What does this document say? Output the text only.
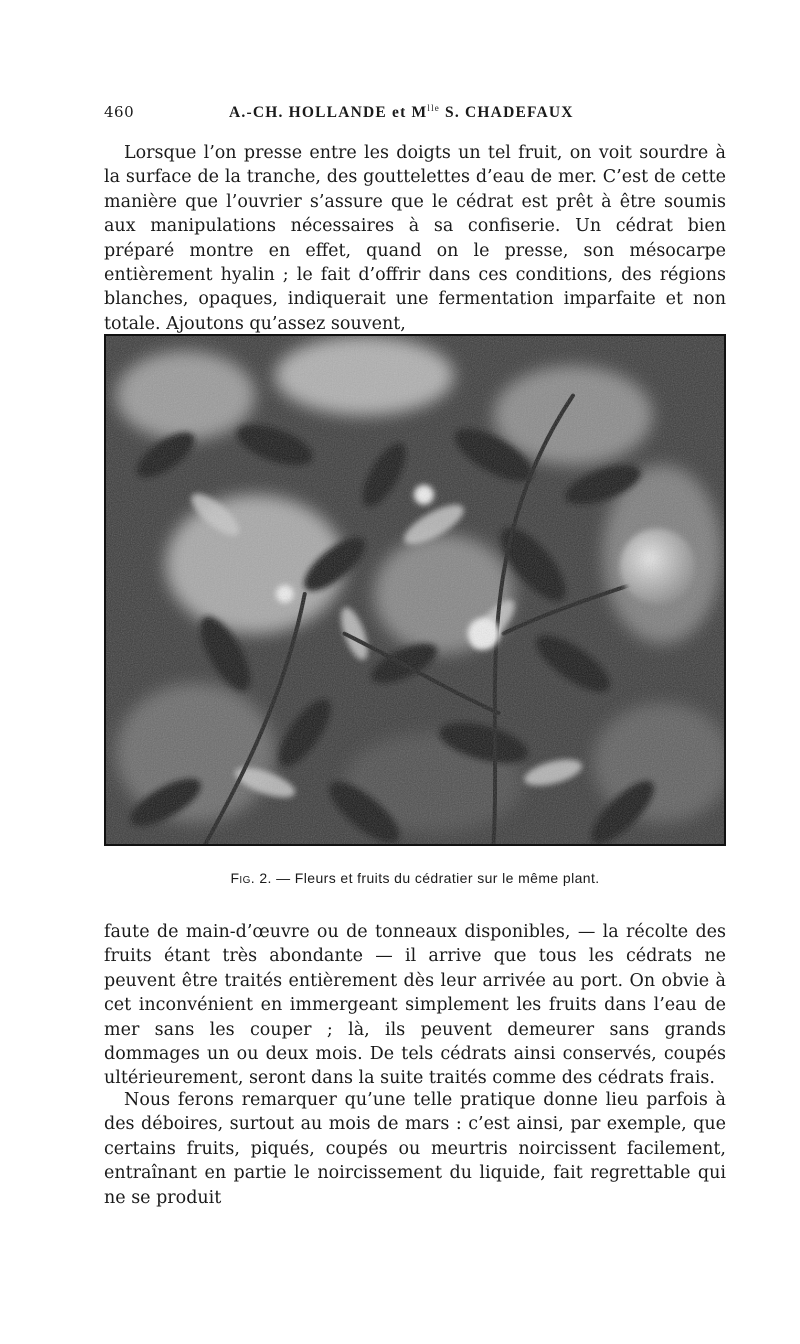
460	A.-CH. HOLLANDE et $M^{lle}$ S. CHADEFAUX

Lorsque l’on presse entre les doigts un tel fruit, on voit sourdre à la surface de la tranche, des gouttelettes d’eau de mer. C’est de cette manière que l’ouvrier s’assure que le cédrat est prêt à être soumis aux manipulations nécessaires à sa confiserie. Un cédrat bien préparé montre en effet, quand on le presse, son mésocarpe entièrement hyalin ; le fait d’offrir dans ces conditions, des régions blanches, opaques, indiquerait une fermentation imparfaite et non totale. Ajoutons qu’assez souvent,

Fig. 2. — Fleurs et fruits du cédratier sur le même plant.

faute de main-d’œuvre ou de tonneaux disponibles, — la récolte des fruits étant très abondante — il arrive que tous les cédrats ne peuvent être traités entièrement dès leur arrivée au port. On obvie à cet inconvénient en immergeant simplement les fruits dans l’eau de mer sans les couper ; là, ils peuvent demeurer sans grands dommages un ou deux mois. De tels cédrats ainsi conservés, coupés ultérieurement, seront dans la suite traités comme des cédrats frais.

Nous ferons remarquer qu’une telle pratique donne lieu parfois à des déboires, surtout au mois de mars : c’est ainsi, par exemple, que certains fruits, piqués, coupés ou meurtris noircissent facilement, entraînant en partie le noircissement du liquide, fait regrettable qui ne se produit
